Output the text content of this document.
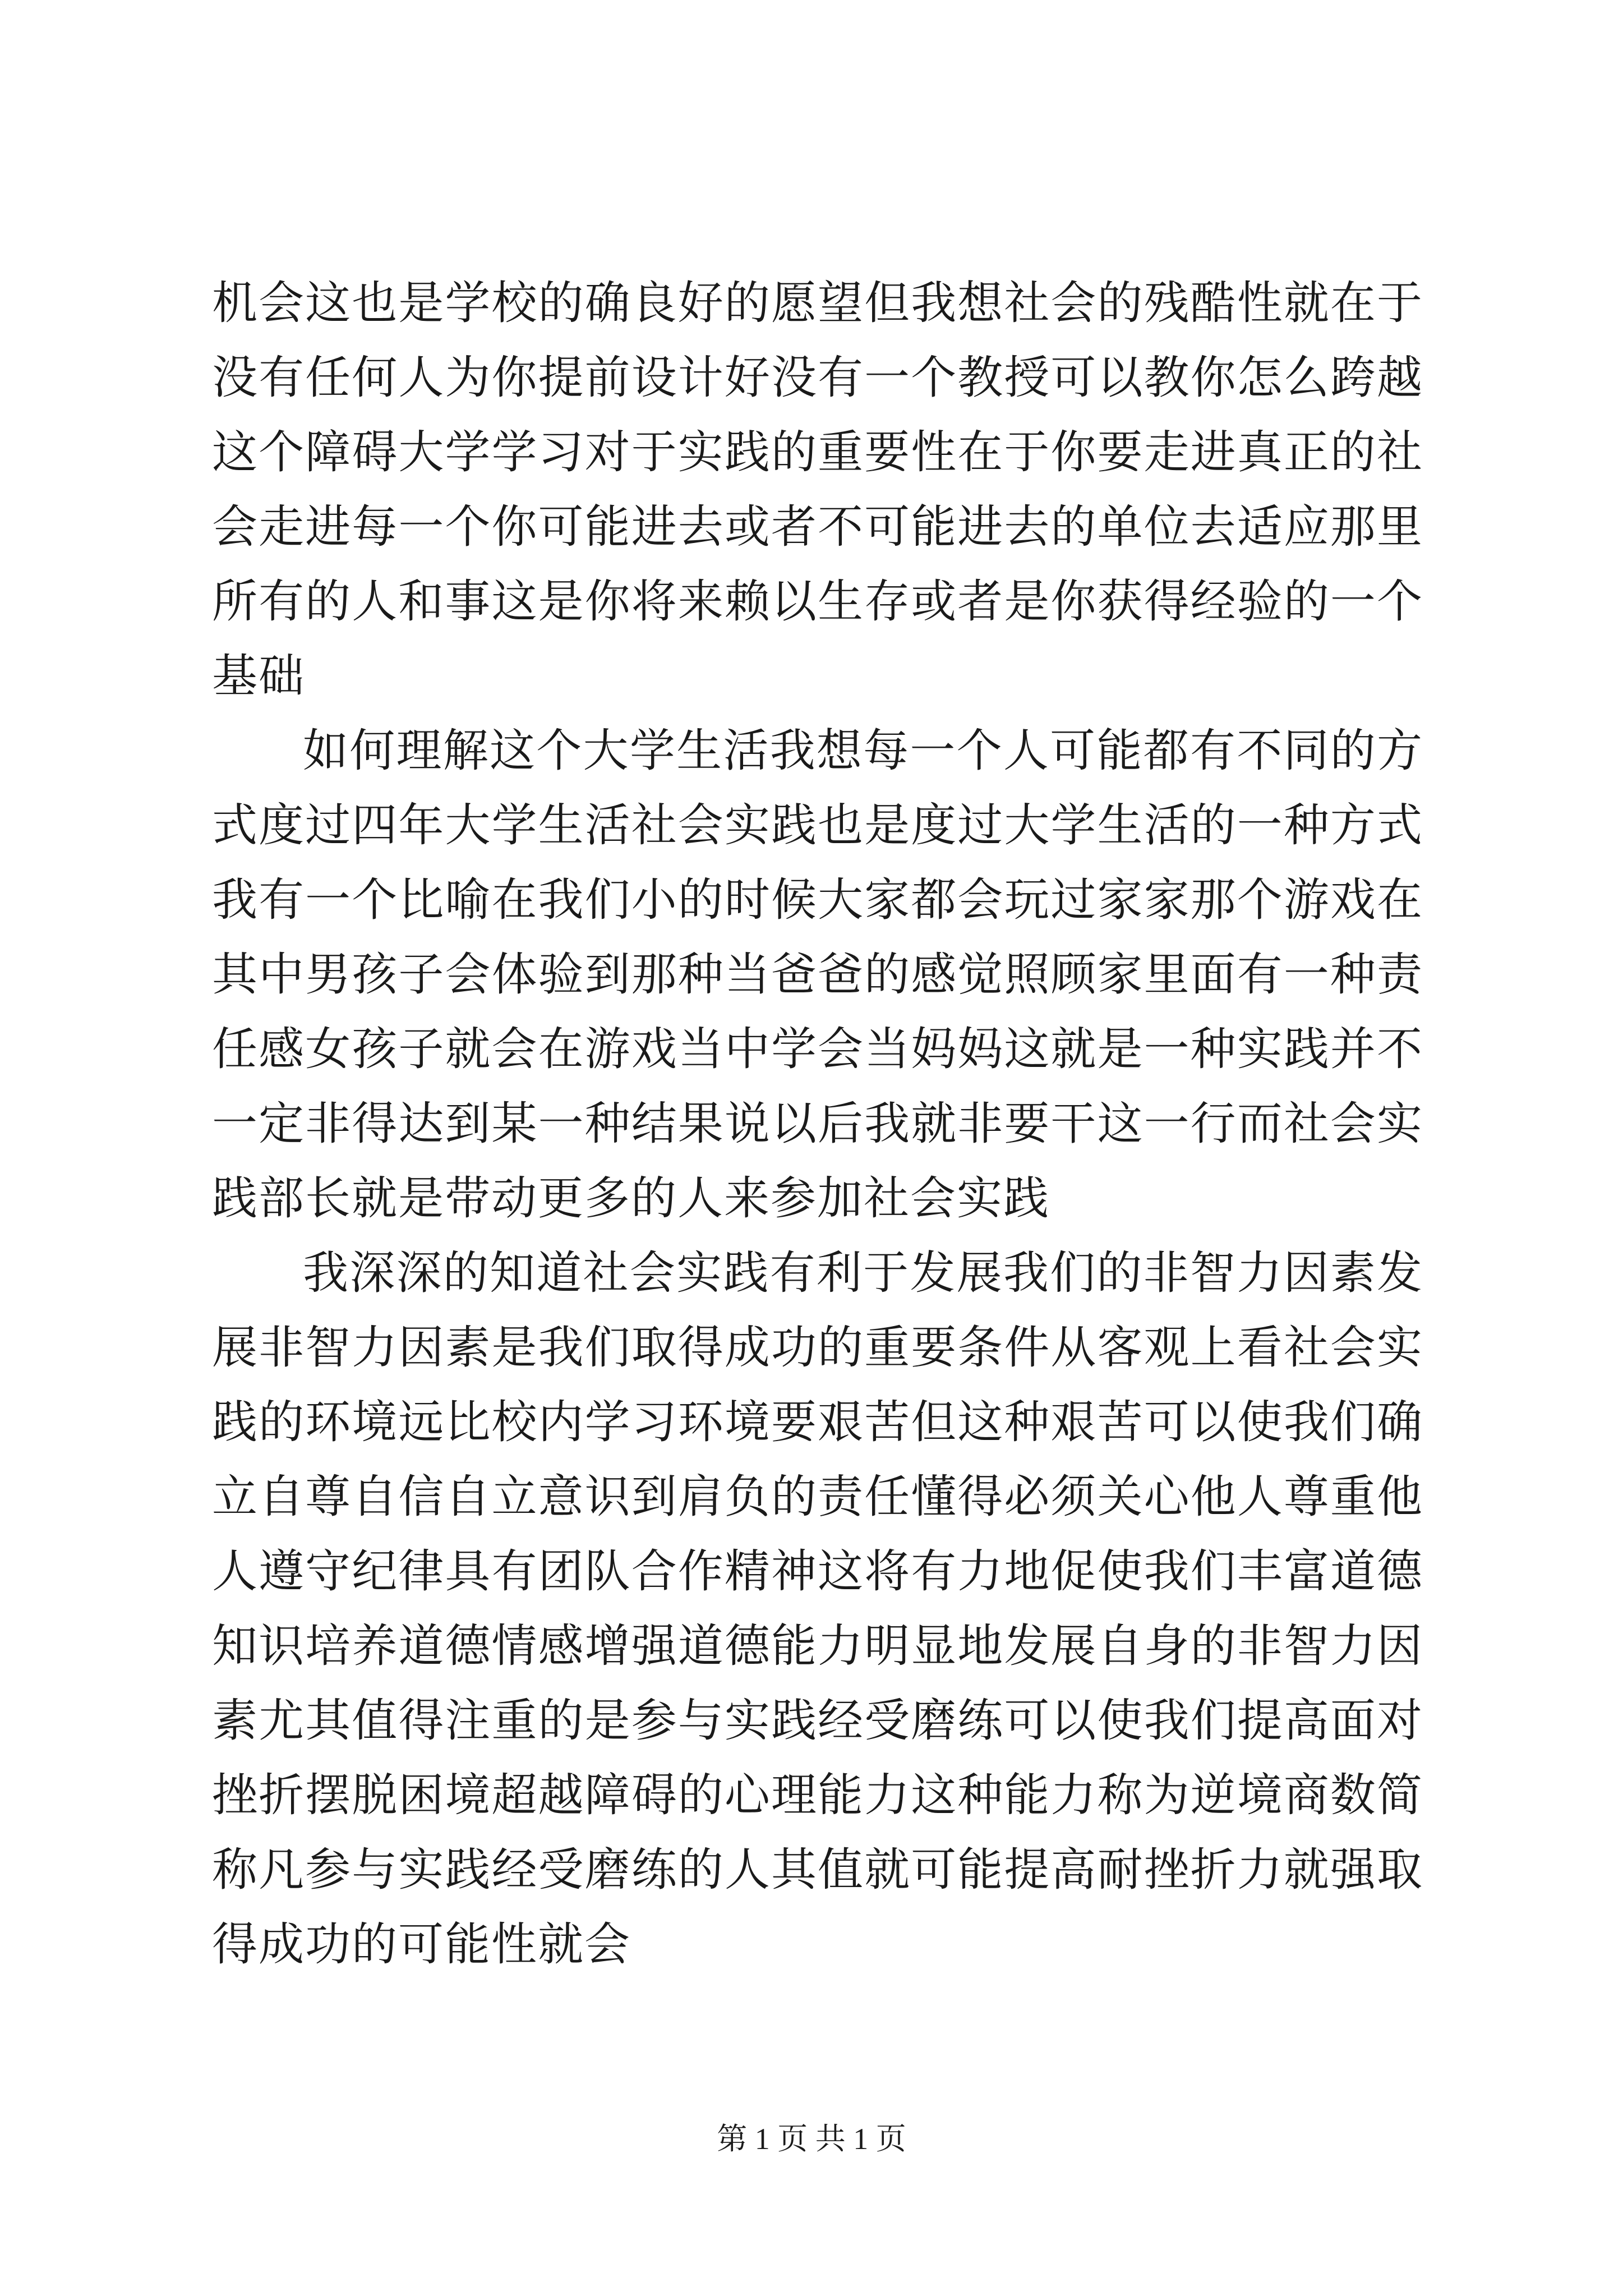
机会这也是学校的确良好的愿望但我想社会的残酷性就在于没有任何人为你提前设计好没有一个教授可以教你怎么跨越这个障碍大学学习对于实践的重要性在于你要走进真正的社会走进每一个你可能进去或者不可能进去的单位去适应那里所有的人和事这是你将来赖以生存或者是你获得经验的一个基础

如何理解这个大学生活我想每一个人可能都有不同的方式度过四年大学生活社会实践也是度过大学生活的一种方式我有一个比喻在我们小的时候大家都会玩过家家那个游戏在其中男孩子会体验到那种当爸爸的感觉照顾家里面有一种责任感女孩子就会在游戏当中学会当妈妈这就是一种实践并不一定非得达到某一种结果说以后我就非要干这一行而社会实践部长就是带动更多的人来参加社会实践

我深深的知道社会实践有利于发展我们的非智力因素发展非智力因素是我们取得成功的重要条件从客观上看社会实践的环境远比校内学习环境要艰苦但这种艰苦可以使我们确立自尊自信自立意识到肩负的责任懂得必须关心他人尊重他人遵守纪律具有团队合作精神这将有力地促使我们丰富道德知识培养道德情感增强道德能力明显地发展自身的非智力因素尤其值得注重的是参与实践经受磨练可以使我们提高面对挫折摆脱困境超越障碍的心理能力这种能力称为逆境商数简称凡参与实践经受磨练的人其值就可能提高耐挫折力就强取得成功的可能性就会

第 1 页 共 1 页
